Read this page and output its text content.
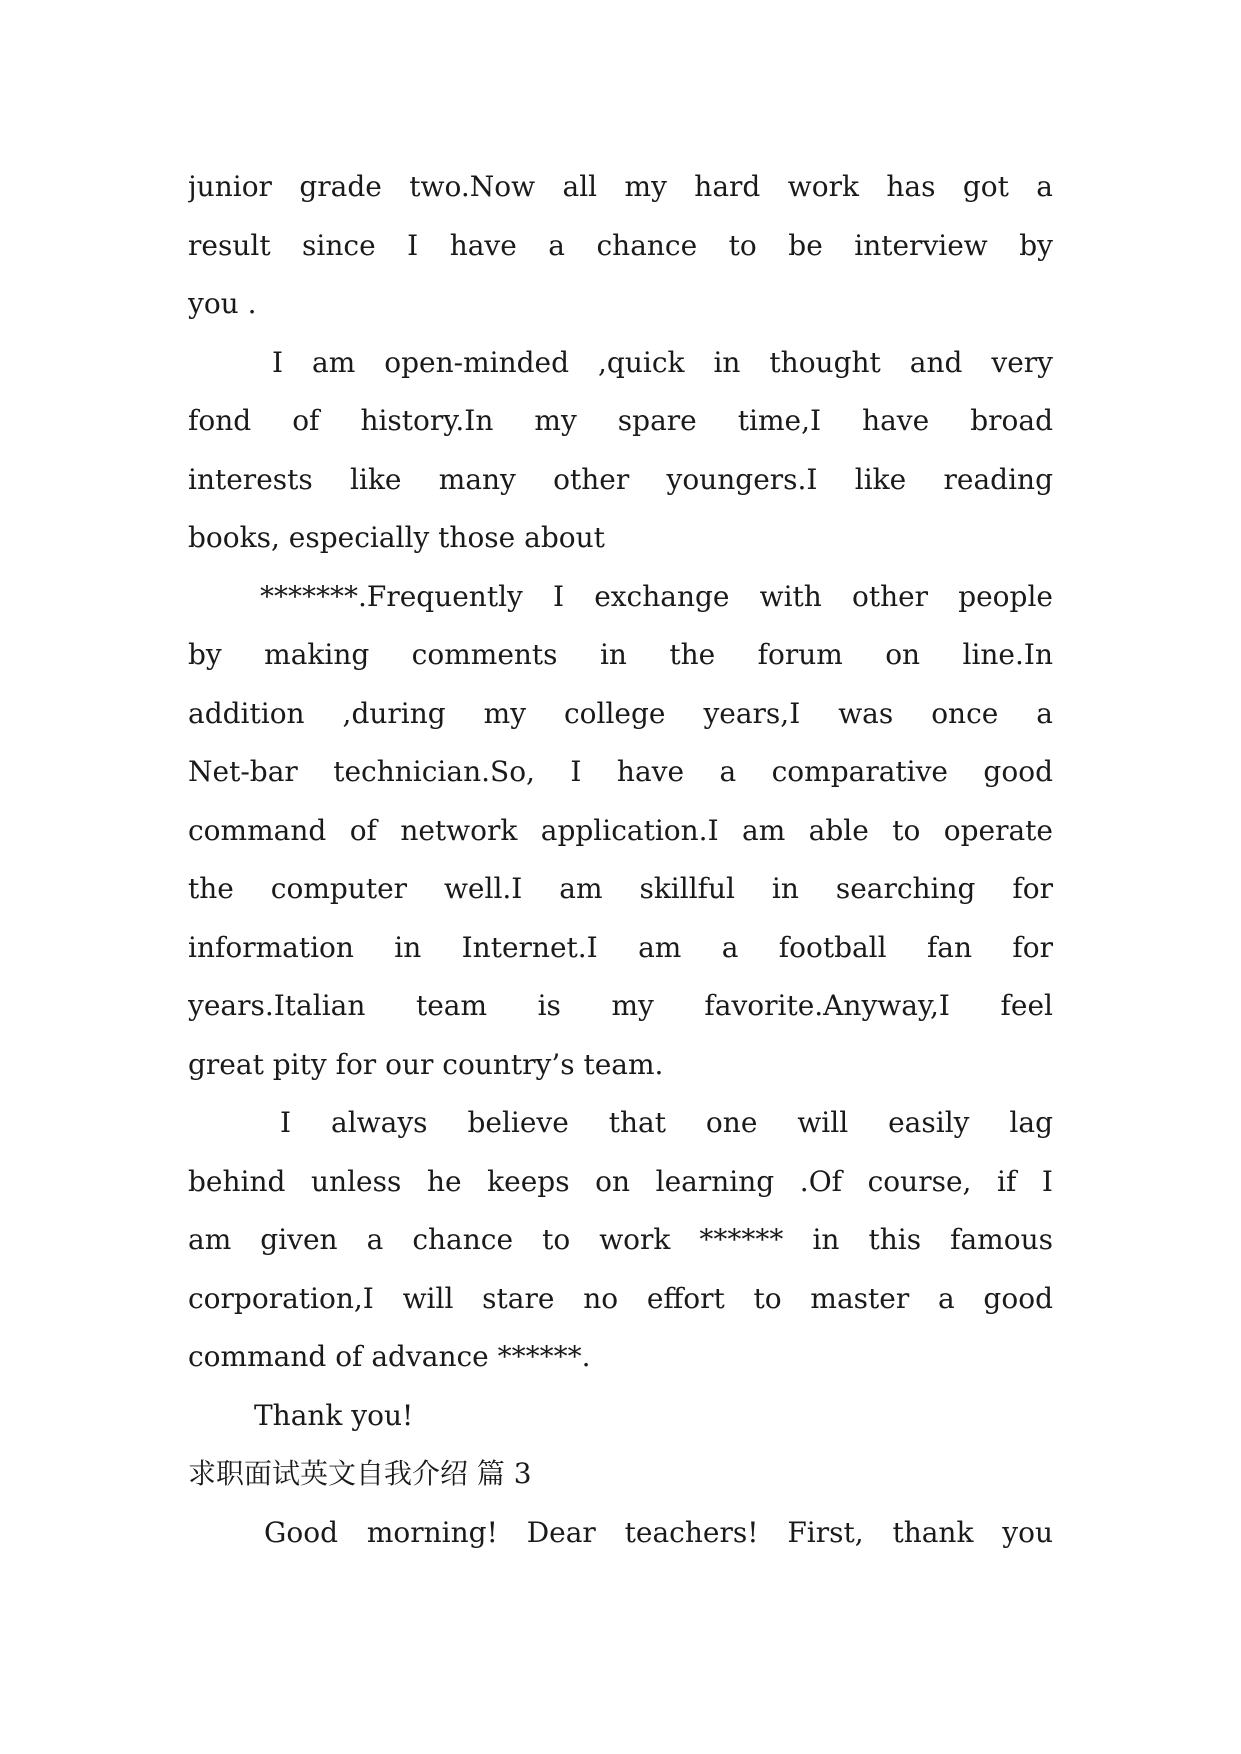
junior grade two.Now all my hard work has got a
result since I have a chance to be interview by
you .
I am open-minded ,quick in thought and very
fond of history.In my spare time,I have broad
interests like many other youngers.I like reading
books, especially those about
*******.Frequently I exchange with other people
by making comments in the forum on line.In
addition ,during my college years,I was once a
Net-bar technician.So, I have a comparative good
command of network application.I am able to operate
the computer well.I am skillful in searching for
information in Internet.I am a football fan for
years.Italian team is my favorite.Anyway,I feel
great pity for our country’s team.
I always believe that one will easily lag
behind unless he keeps on learning .Of course, if I
am given a chance to work ****** in this famous
corporation,I will stare no effort to master a good
command of advance ******.
Thank you!
求职面试英文自我介绍 篇 3
Good morning! Dear teachers! First, thank you
